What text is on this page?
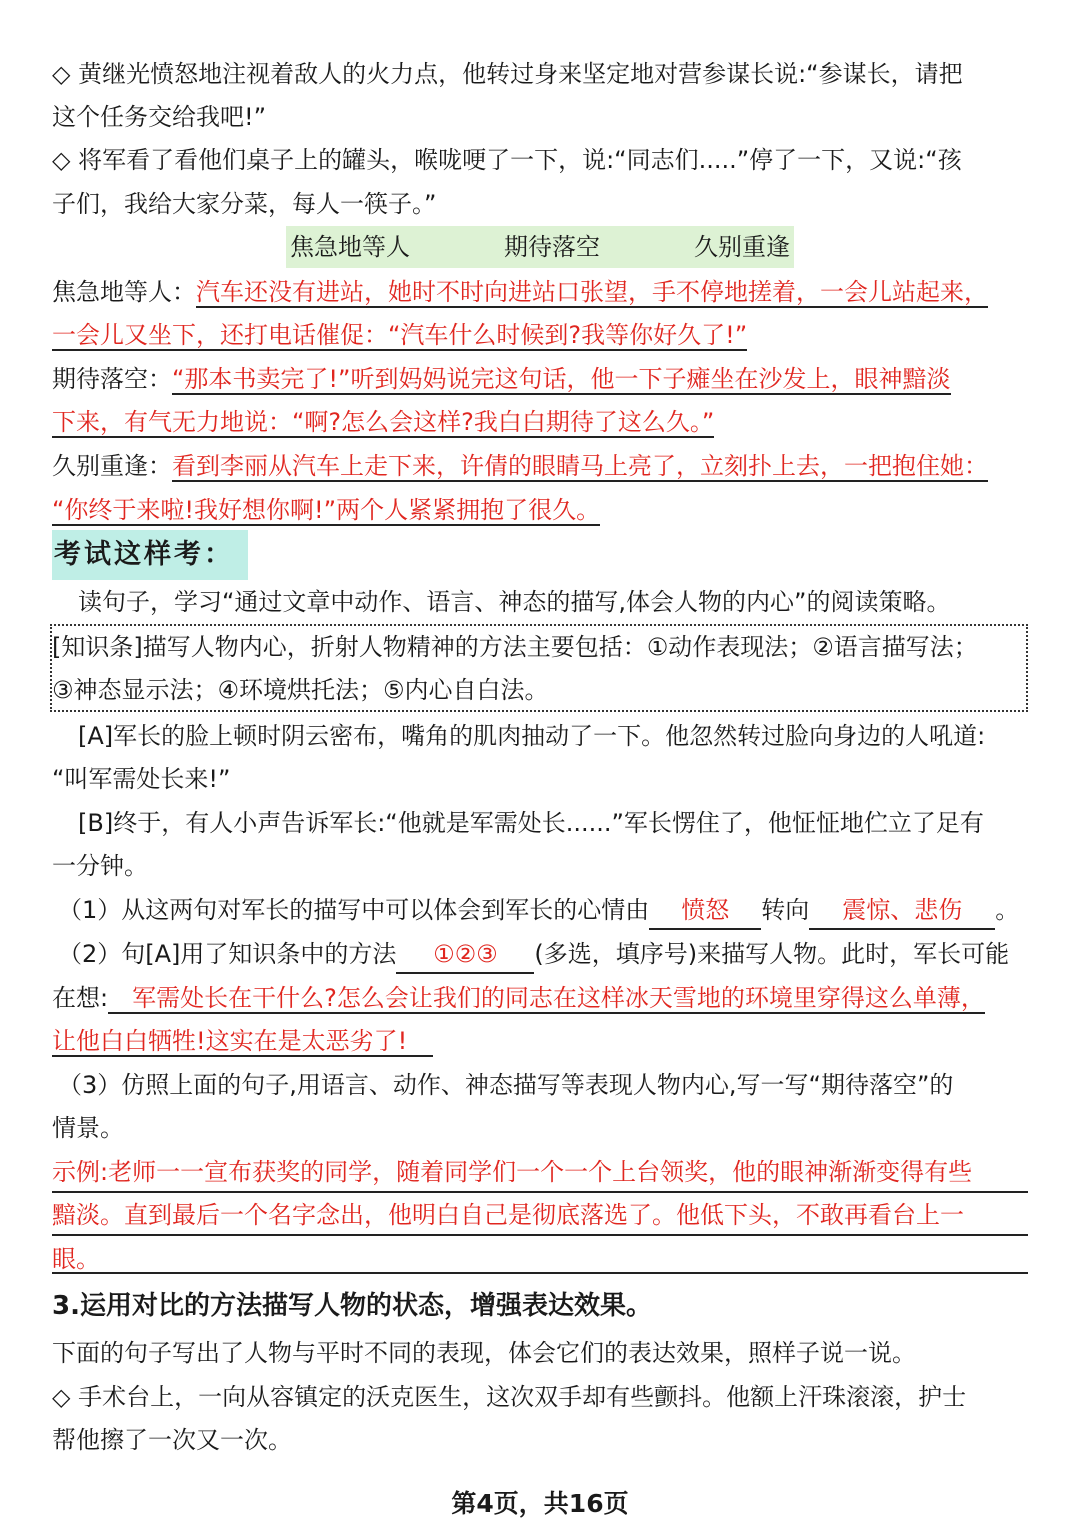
◇ 黄继光愤怒地注视着敌人的火力点，他转过身来坚定地对营参谋长说:“参谋长，请把
这个任务交给我吧!”
◇ 将军看了看他们桌子上的罐头，喉咙哽了一下，说:“同志们.....”停了一下，又说:“孩
子们，我给大家分菜，每人一筷子。”
焦急地等人	期待落空	久别重逢
焦急地等人：汽车还没有进站，她时不时向进站口张望，手不停地搓着，一会儿站起来，
一会儿又坐下，还打电话催促：“汽车什么时候到?我等你好久了!”
期待落空：“那本书卖完了!”听到妈妈说完这句话，他一下子瘫坐在沙发上，眼神黯淡
下来，有气无力地说：“啊?怎么会这样?我白白期待了这么久。”
久别重逢：看到李丽从汽车上走下来，许倩的眼睛马上亮了，立刻扑上去，一把抱住她：
“你终于来啦!我好想你啊!”两个人紧紧拥抱了很久。
考试这样考：
读句子，学习“通过文章中动作、语言、神态的描写,体会人物的内心”的阅读策略。
[知识条]描写人物内心，折射人物精神的方法主要包括：①动作表现法；②语言描写法；
③神态显示法；④环境烘托法；⑤内心自白法。
[A]军长的脸上顿时阴云密布，嘴角的肌肉抽动了一下。他忽然转过脸向身边的人吼道:
“叫军需处长来!”
[B]终于，有人小声告诉军长:“他就是军需处长......”军长愣住了，他怔怔地伫立了足有
一分钟。
（1）从这两句对军长的描写中可以体会到军长的心情由 愤怒 转向 震惊、悲伤 。
（2）句[A]用了知识条中的方法 ①②③ (多选，填序号)来描写人物。此时，军长可能
在想: 军需处长在干什么?怎么会让我们的同志在这样冰天雪地的环境里穿得这么单薄，
让他白白牺牲!这实在是太恶劣了!
（3）仿照上面的句子,用语言、动作、神态描写等表现人物内心,写一写“期待落空”的
情景。
示例:老师一一宣布获奖的同学，随着同学们一个一个上台领奖，他的眼神渐渐变得有些
黯淡。直到最后一个名字念出，他明白自己是彻底落选了。他低下头，不敢再看台上一
眼。
3.运用对比的方法描写人物的状态，增强表达效果。
下面的句子写出了人物与平时不同的表现，体会它们的表达效果，照样子说一说。
◇ 手术台上，一向从容镇定的沃克医生，这次双手却有些颤抖。他额上汗珠滚滚，护士
帮他擦了一次又一次。
第4页，共16页
